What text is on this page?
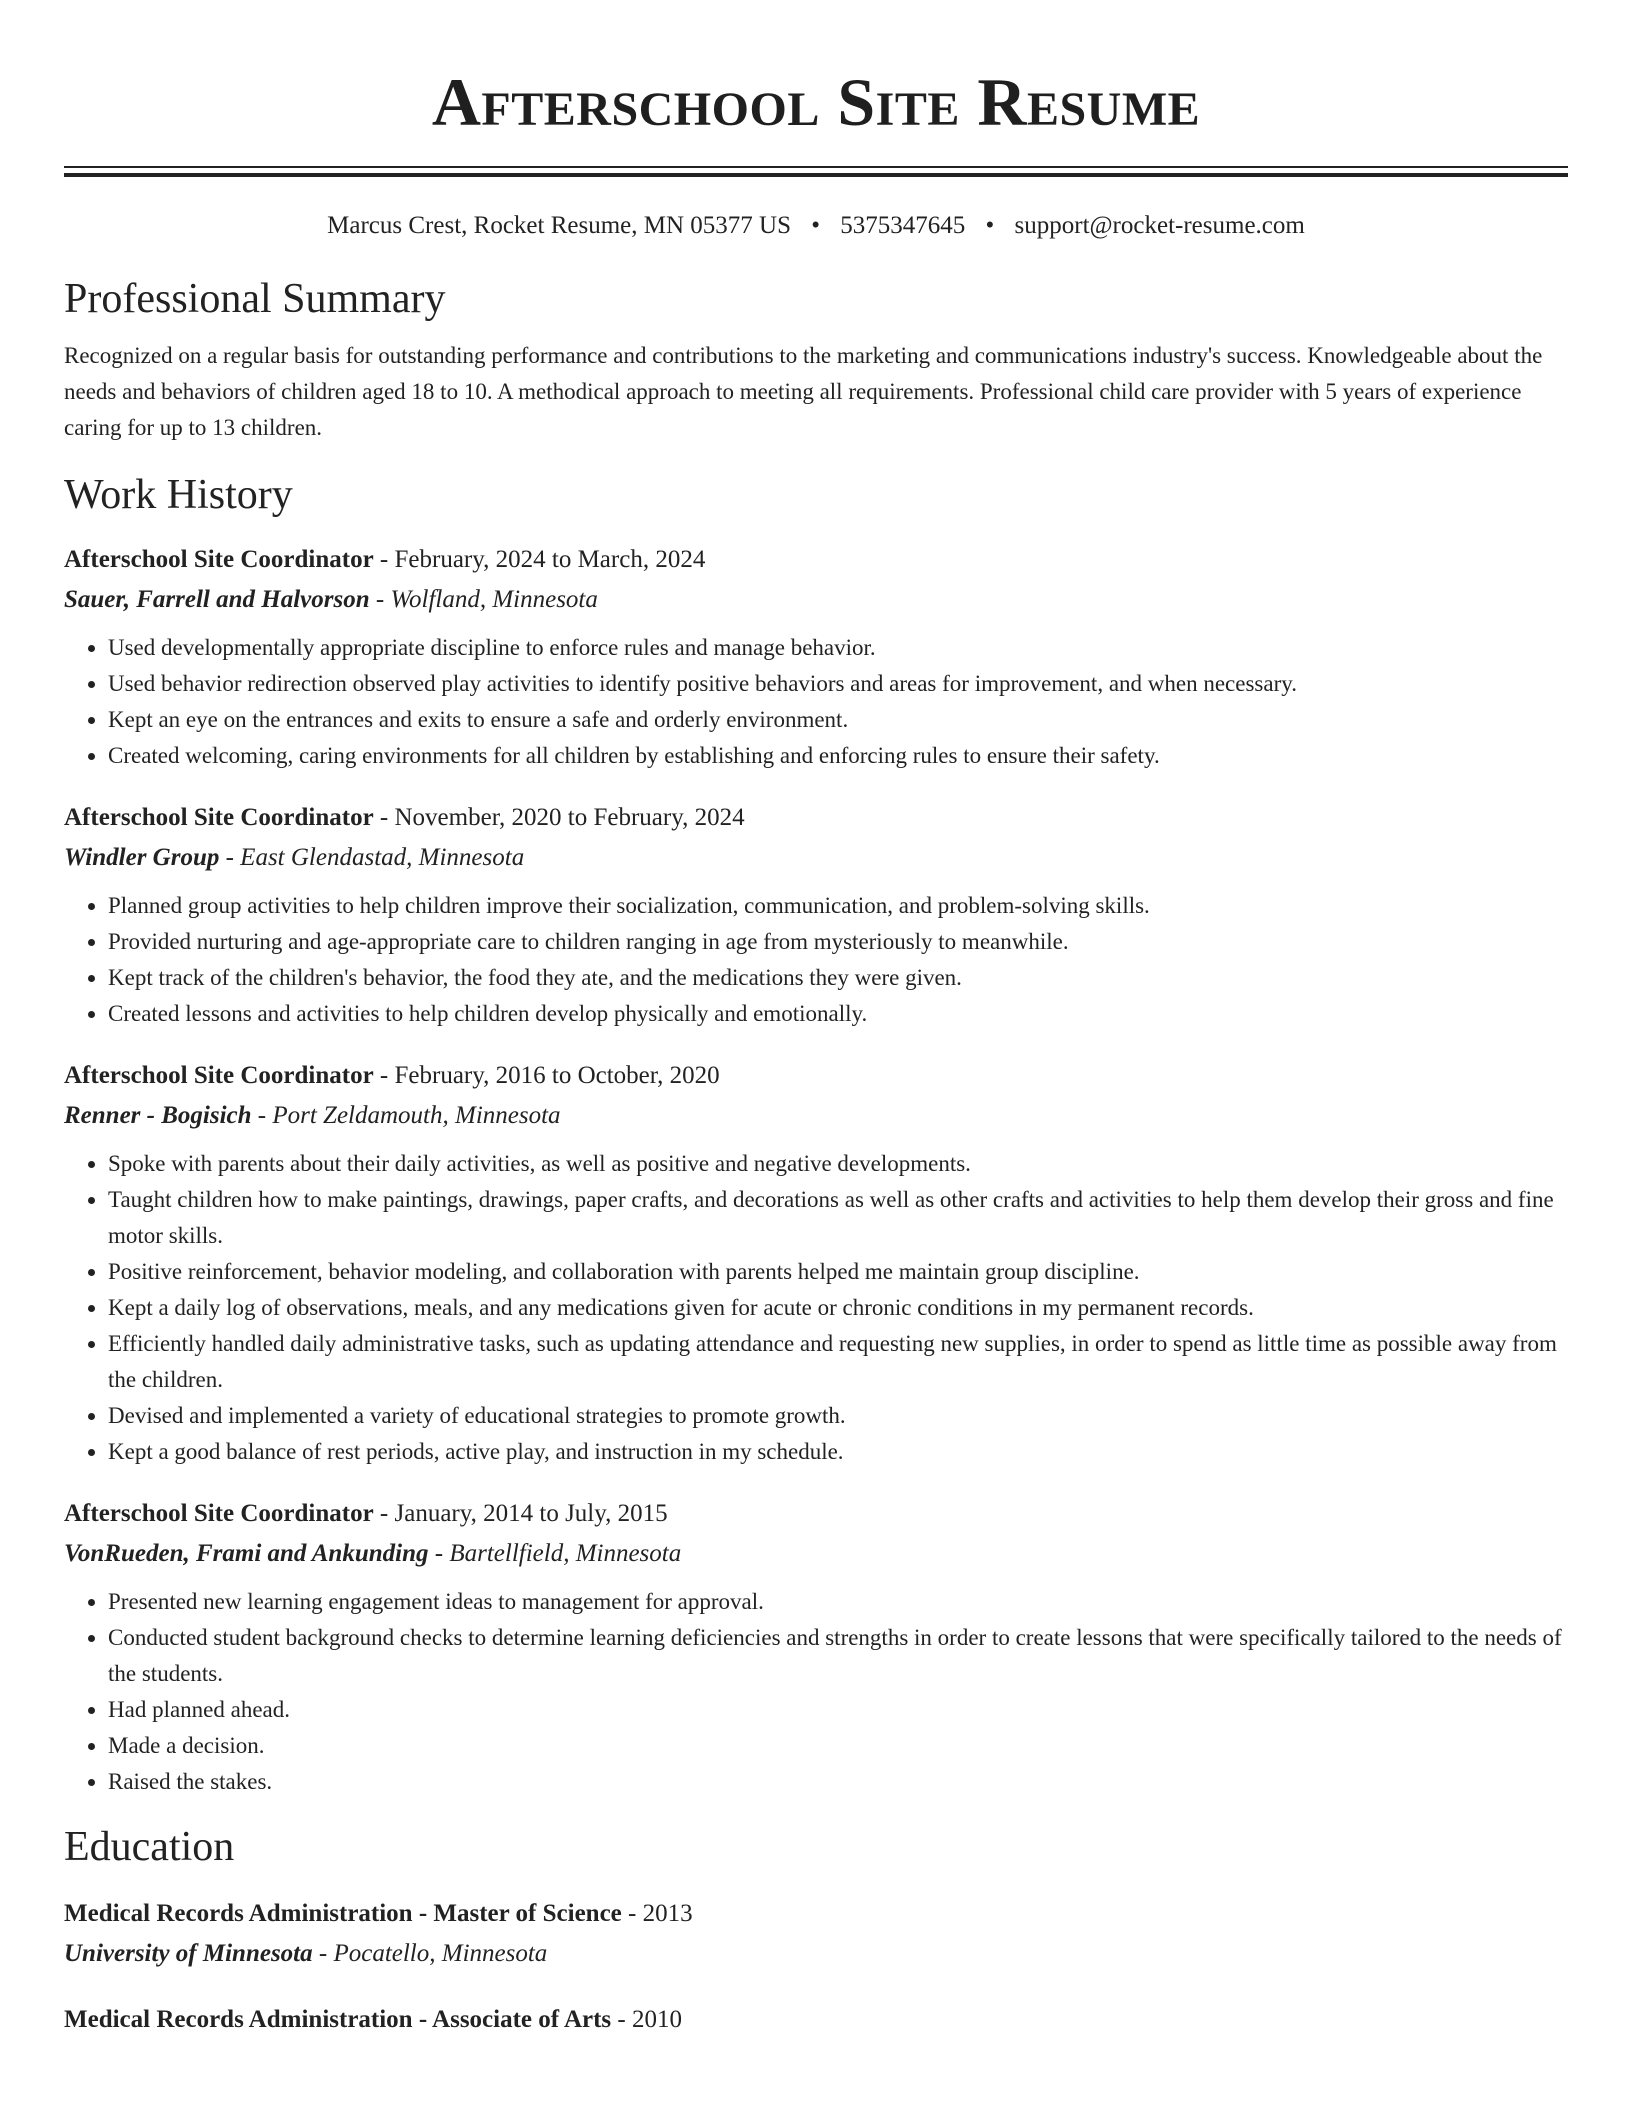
Afterschool Site Resume
Marcus Crest, Rocket Resume, MN 05377 US • 5375347645 • support@rocket-resume.com
Professional Summary
Recognized on a regular basis for outstanding performance and contributions to the marketing and communications industry's success. Knowledgeable about the needs and behaviors of children aged 18 to 10. A methodical approach to meeting all requirements. Professional child care provider with 5 years of experience caring for up to 13 children.
Work History
Afterschool Site Coordinator - February, 2024 to March, 2024
Sauer, Farrell and Halvorson - Wolfland, Minnesota
• Used developmentally appropriate discipline to enforce rules and manage behavior.
• Used behavior redirection observed play activities to identify positive behaviors and areas for improvement, and when necessary.
• Kept an eye on the entrances and exits to ensure a safe and orderly environment.
• Created welcoming, caring environments for all children by establishing and enforcing rules to ensure their safety.
Afterschool Site Coordinator - November, 2020 to February, 2024
Windler Group - East Glendastad, Minnesota
• Planned group activities to help children improve their socialization, communication, and problem-solving skills.
• Provided nurturing and age-appropriate care to children ranging in age from mysteriously to meanwhile.
• Kept track of the children's behavior, the food they ate, and the medications they were given.
• Created lessons and activities to help children develop physically and emotionally.
Afterschool Site Coordinator - February, 2016 to October, 2020
Renner - Bogisich - Port Zeldamouth, Minnesota
• Spoke with parents about their daily activities, as well as positive and negative developments.
• Taught children how to make paintings, drawings, paper crafts, and decorations as well as other crafts and activities to help them develop their gross and fine motor skills.
• Positive reinforcement, behavior modeling, and collaboration with parents helped me maintain group discipline.
• Kept a daily log of observations, meals, and any medications given for acute or chronic conditions in my permanent records.
• Efficiently handled daily administrative tasks, such as updating attendance and requesting new supplies, in order to spend as little time as possible away from the children.
• Devised and implemented a variety of educational strategies to promote growth.
• Kept a good balance of rest periods, active play, and instruction in my schedule.
Afterschool Site Coordinator - January, 2014 to July, 2015
VonRueden, Frami and Ankunding - Bartellfield, Minnesota
• Presented new learning engagement ideas to management for approval.
• Conducted student background checks to determine learning deficiencies and strengths in order to create lessons that were specifically tailored to the needs of the students.
• Had planned ahead.
• Made a decision.
• Raised the stakes.
Education
Medical Records Administration - Master of Science - 2013
University of Minnesota - Pocatello, Minnesota
Medical Records Administration - Associate of Arts - 2010
